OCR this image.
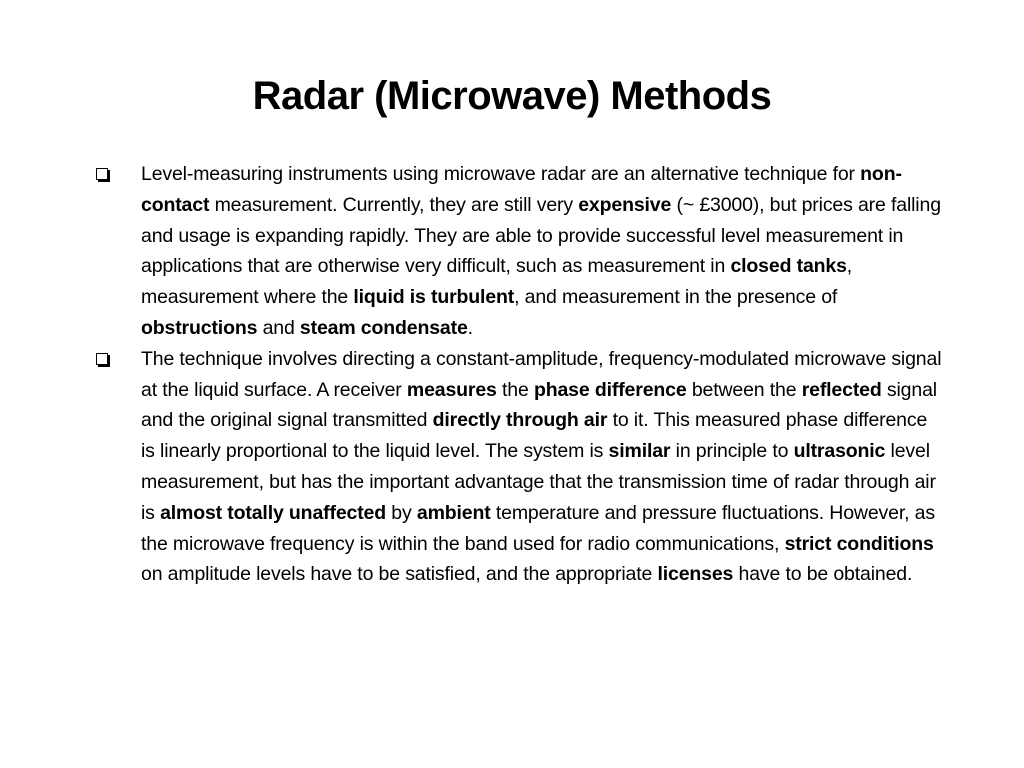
Radar (Microwave) Methods
Level-measuring instruments using microwave radar are an alternative technique for non-contact measurement. Currently, they are still very expensive (~ £3000), but prices are falling and usage is expanding rapidly. They are able to provide successful level measurement in applications that are otherwise very difficult, such as measurement in closed tanks, measurement where the liquid is turbulent, and measurement in the presence of obstructions and steam condensate.
The technique involves directing a constant-amplitude, frequency-modulated microwave signal at the liquid surface. A receiver measures the phase difference between the reflected signal and the original signal transmitted directly through air to it. This measured phase difference is linearly proportional to the liquid level. The system is similar in principle to ultrasonic level measurement, but has the important advantage that the transmission time of radar through air is almost totally unaffected by ambient temperature and pressure fluctuations. However, as the microwave frequency is within the band used for radio communications, strict conditions on amplitude levels have to be satisfied, and the appropriate licenses have to be obtained.
